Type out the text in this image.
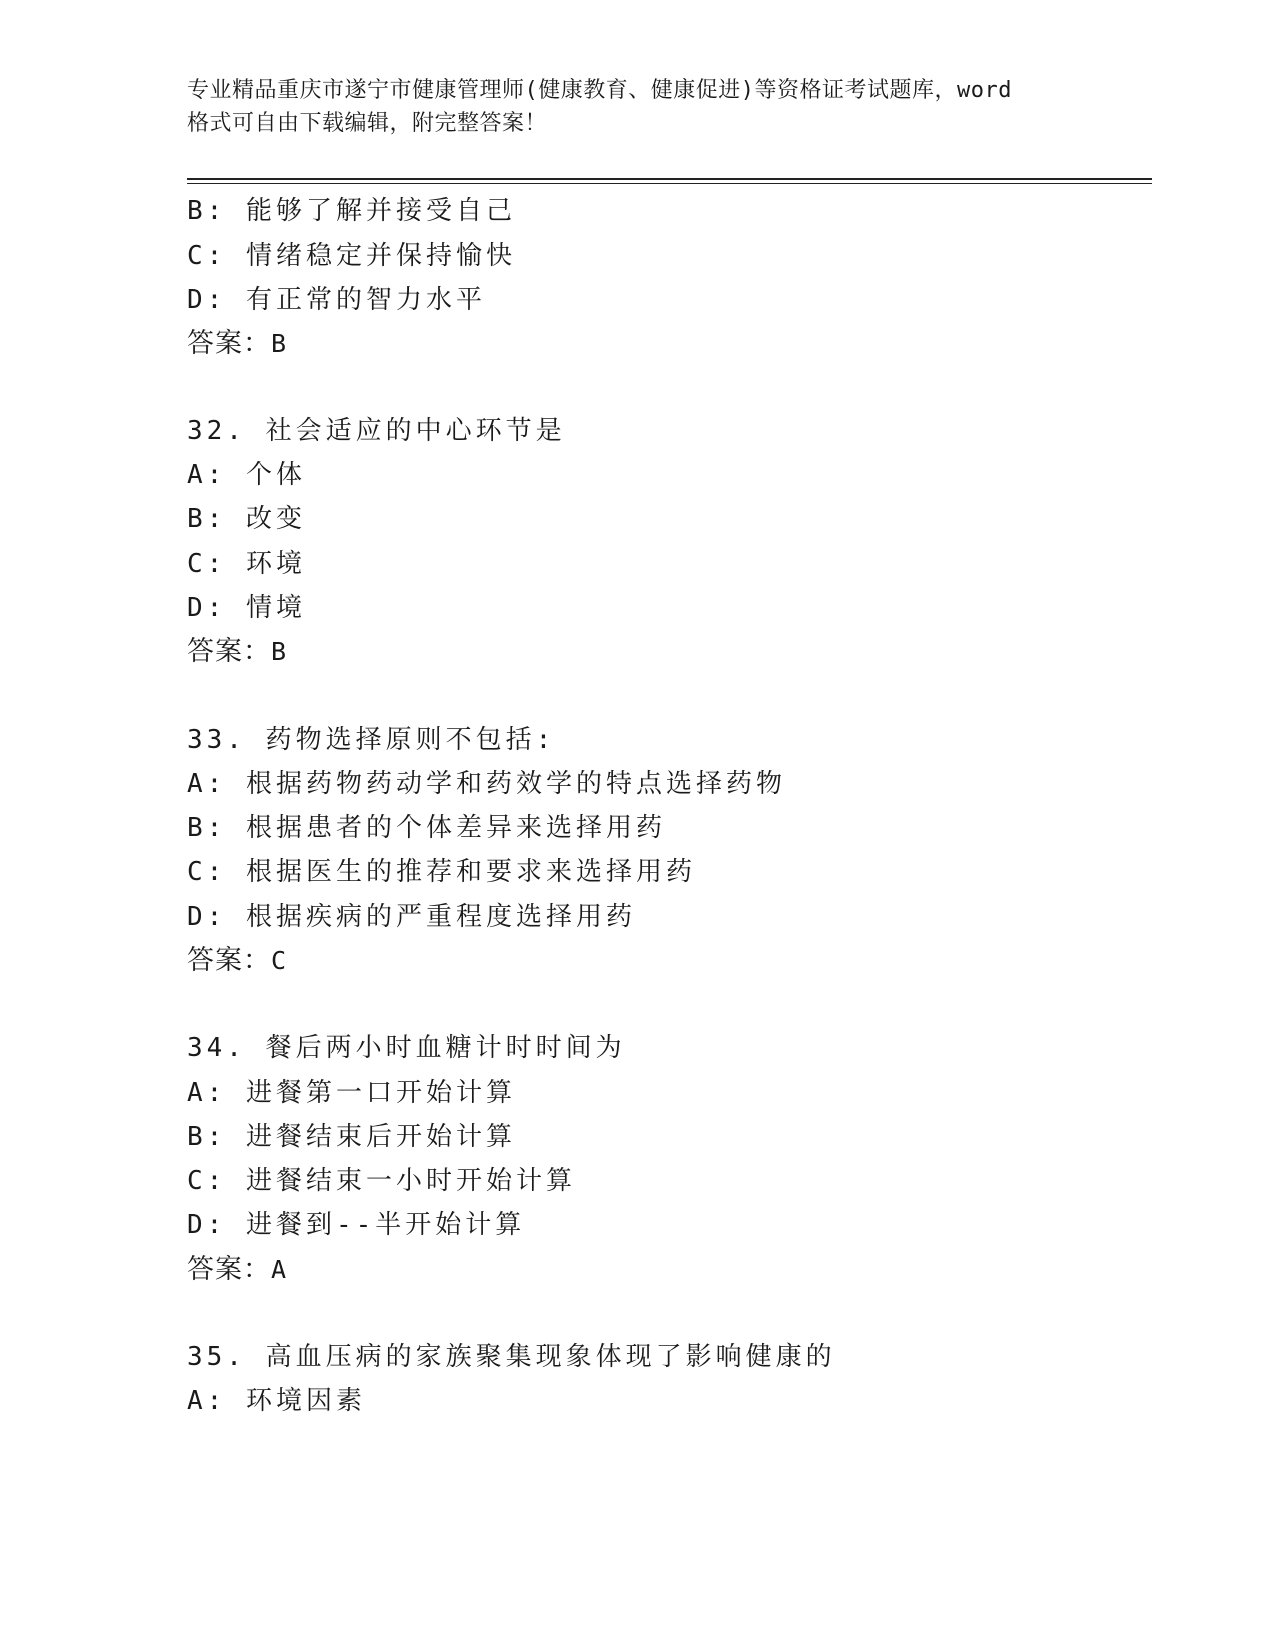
专业精品重庆市遂宁市健康管理师(健康教育、健康促进)等资格证考试题库，word
格式可自由下载编辑，附完整答案！
B: 能够了解并接受自己
C: 情绪稳定并保持愉快
D: 有正常的智力水平
答案：B
32. 社会适应的中心环节是
A: 个体
B: 改变
C: 环境
D: 情境
答案：B
33. 药物选择原则不包括:
A: 根据药物药动学和药效学的特点选择药物
B: 根据患者的个体差异来选择用药
C: 根据医生的推荐和要求来选择用药
D: 根据疾病的严重程度选择用药
答案：C
34. 餐后两小时血糖计时时间为
A: 进餐第一口开始计算
B: 进餐结束后开始计算
C: 进餐结束一小时开始计算
D: 进餐到--半开始计算
答案：A
35. 高血压病的家族聚集现象体现了影响健康的
A: 环境因素
